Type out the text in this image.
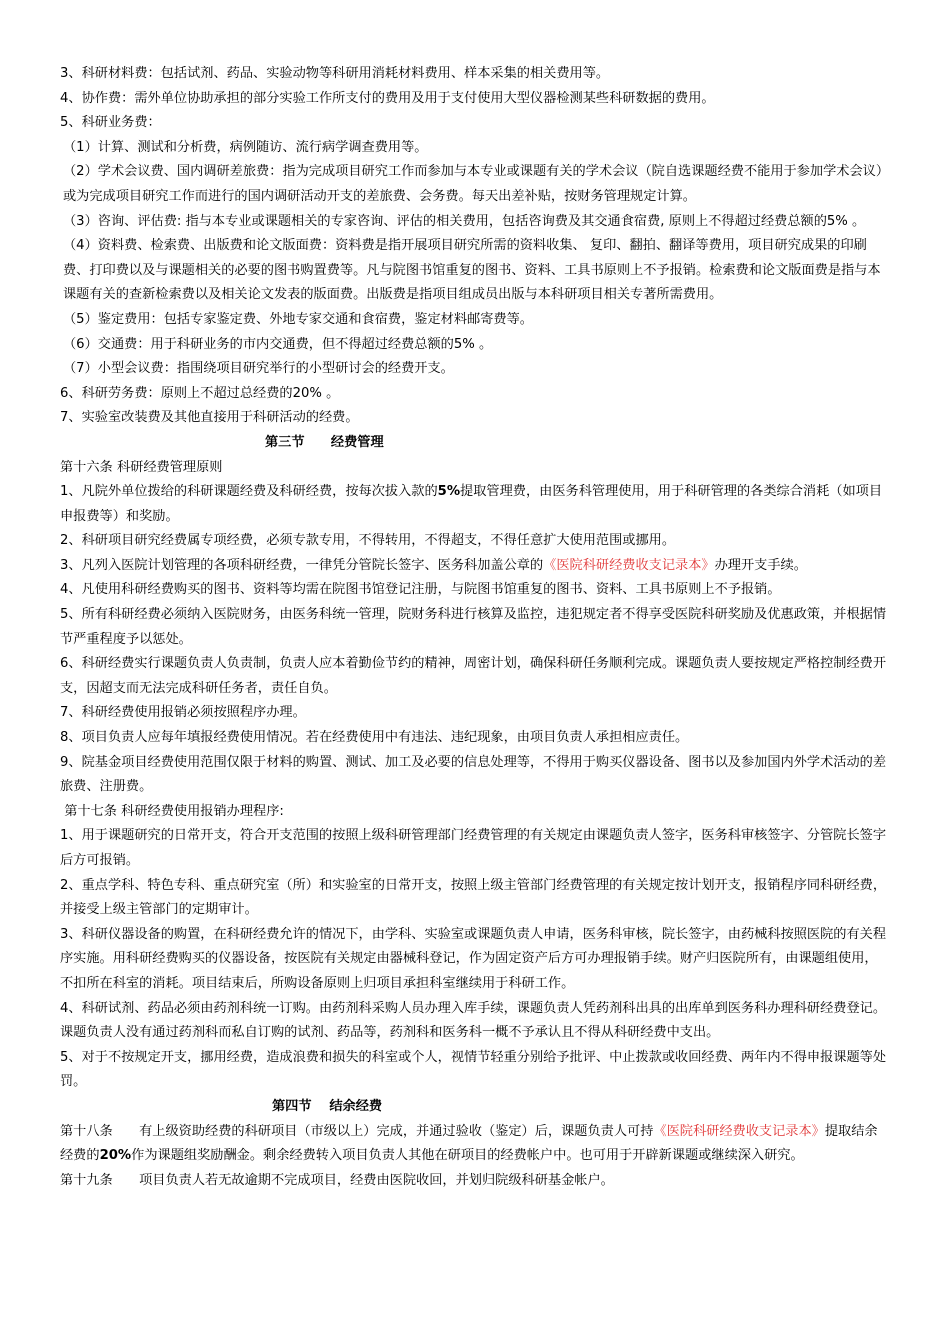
3、科研材料费：包括试剂、药品、实验动物等科研用消耗材料费用、样本采集的相关费用等。

4、协作费：需外单位协助承担的部分实验工作所支付的费用及用于支付使用大型仪器检测某些科研数据的费用。

5、科研业务费：

（1）计算、测试和分析费，病例随访、流行病学调查费用等。

（2）学术会议费、国内调研差旅费：指为完成项目研究工作而参加与本专业或课题有关的学术会议（院自选课题经费不能用于参加学术会议）或为完成项目研究工作而进行的国内调研活动开支的差旅费、会务费。每天出差补贴，按财务管理规定计算。

（3）咨询、评估费: 指与本专业或课题相关的专家咨询、评估的相关费用，包括咨询费及其交通食宿费, 原则上不得超过经费总额的5% 。

（4）资料费、检索费、出版费和论文版面费：资料费是指开展项目研究所需的资料收集、 复印、翻拍、翻译等费用，项目研究成果的印刷费、打印费以及与课题相关的必要的图书购置费等。凡与院图书馆重复的图书、资料、工具书原则上不予报销。检索费和论文版面费是指与本课题有关的查新检索费以及相关论文发表的版面费。出版费是指项目组成员出版与本科研项目相关专著所需费用。

（5）鉴定费用：包括专家鉴定费、外地专家交通和食宿费，鉴定材料邮寄费等。

（6）交通费：用于科研业务的市内交通费，但不得超过经费总额的5% 。

（7）小型会议费：指围绕项目研究举行的小型研讨会的经费开支。

6、科研劳务费：原则上不超过总经费的20% 。

7、实验室改装费及其他直接用于科研活动的经费。

第三节　　经费管理

第十六条 科研经费管理原则

1、凡院外单位拨给的科研课题经费及科研经费，按每次拔入款的5%提取管理费，由医务科管理使用，用于科研管理的各类综合消耗（如项目申报费等）和奖励。

2、科研项目研究经费属专项经费，必须专款专用，不得转用，不得超支，不得任意扩大使用范围或挪用。

3、凡列入医院计划管理的各项科研经费，一律凭分管院长签字、医务科加盖公章的《医院科研经费收支记录本》办理开支手续。

4、凡使用科研经费购买的图书、资料等均需在院图书馆登记注册，与院图书馆重复的图书、资料、工具书原则上不予报销。

5、所有科研经费必须纳入医院财务，由医务科统一管理，院财务科进行核算及监控，违犯规定者不得享受医院科研奖励及优惠政策，并根据情节严重程度予以惩处。

6、科研经费实行课题负责人负责制，负责人应本着勤俭节约的精神，周密计划，确保科研任务顺利完成。课题负责人要按规定严格控制经费开支，因超支而无法完成科研任务者，责任自负。

7、科研经费使用报销必须按照程序办理。

8、项目负责人应每年填报经费使用情况。若在经费使用中有违法、违纪现象，由项目负责人承担相应责任。

9、院基金项目经费使用范围仅限于材料的购置、测试、加工及必要的信息处理等，不得用于购买仪器设备、图书以及参加国内外学术活动的差旅费、注册费。

第十七条 科研经费使用报销办理程序:

1、用于课题研究的日常开支，符合开支范围的按照上级科研管理部门经费管理的有关规定由课题负责人签字，医务科审核签字、分管院长签字后方可报销。

2、重点学科、特色专科、重点研究室（所）和实验室的日常开支，按照上级主管部门经费管理的有关规定按计划开支，报销程序同科研经费，并接受上级主管部门的定期审计。

3、科研仪器设备的购置，在科研经费允许的情况下，由学科、实验室或课题负责人申请，医务科审核，院长签字，由药械科按照医院的有关程序实施。用科研经费购买的仪器设备，按医院有关规定由器械科登记，作为固定资产后方可办理报销手续。财产归医院所有，由课题组使用，不扣所在科室的消耗。项目结束后，所购设备原则上归项目承担科室继续用于科研工作。

4、科研试剂、药品必须由药剂科统一订购。由药剂科采购人员办理入库手续，课题负责人凭药剂科出具的出库单到医务科办理科研经费登记。课题负责人没有通过药剂科而私自订购的试剂、药品等，药剂科和医务科一概不予承认且不得从科研经费中支出。

5、对于不按规定开支，挪用经费，造成浪费和损失的科室或个人，视情节轻重分别给予批评、中止拨款或收回经费、两年内不得申报课题等处罚。

第四节　 结余经费

第十八条　　有上级资助经费的科研项目（市级以上）完成，并通过验收（鉴定）后，课题负责人可持《医院科研经费收支记录本》提取结余经费的20%作为课题组奖励酬金。剩余经费转入项目负责人其他在研项目的经费帐户中。也可用于开辟新课题或继续深入研究。

第十九条　　项目负责人若无故逾期不完成项目，经费由医院收回，并划归院级科研基金帐户。
